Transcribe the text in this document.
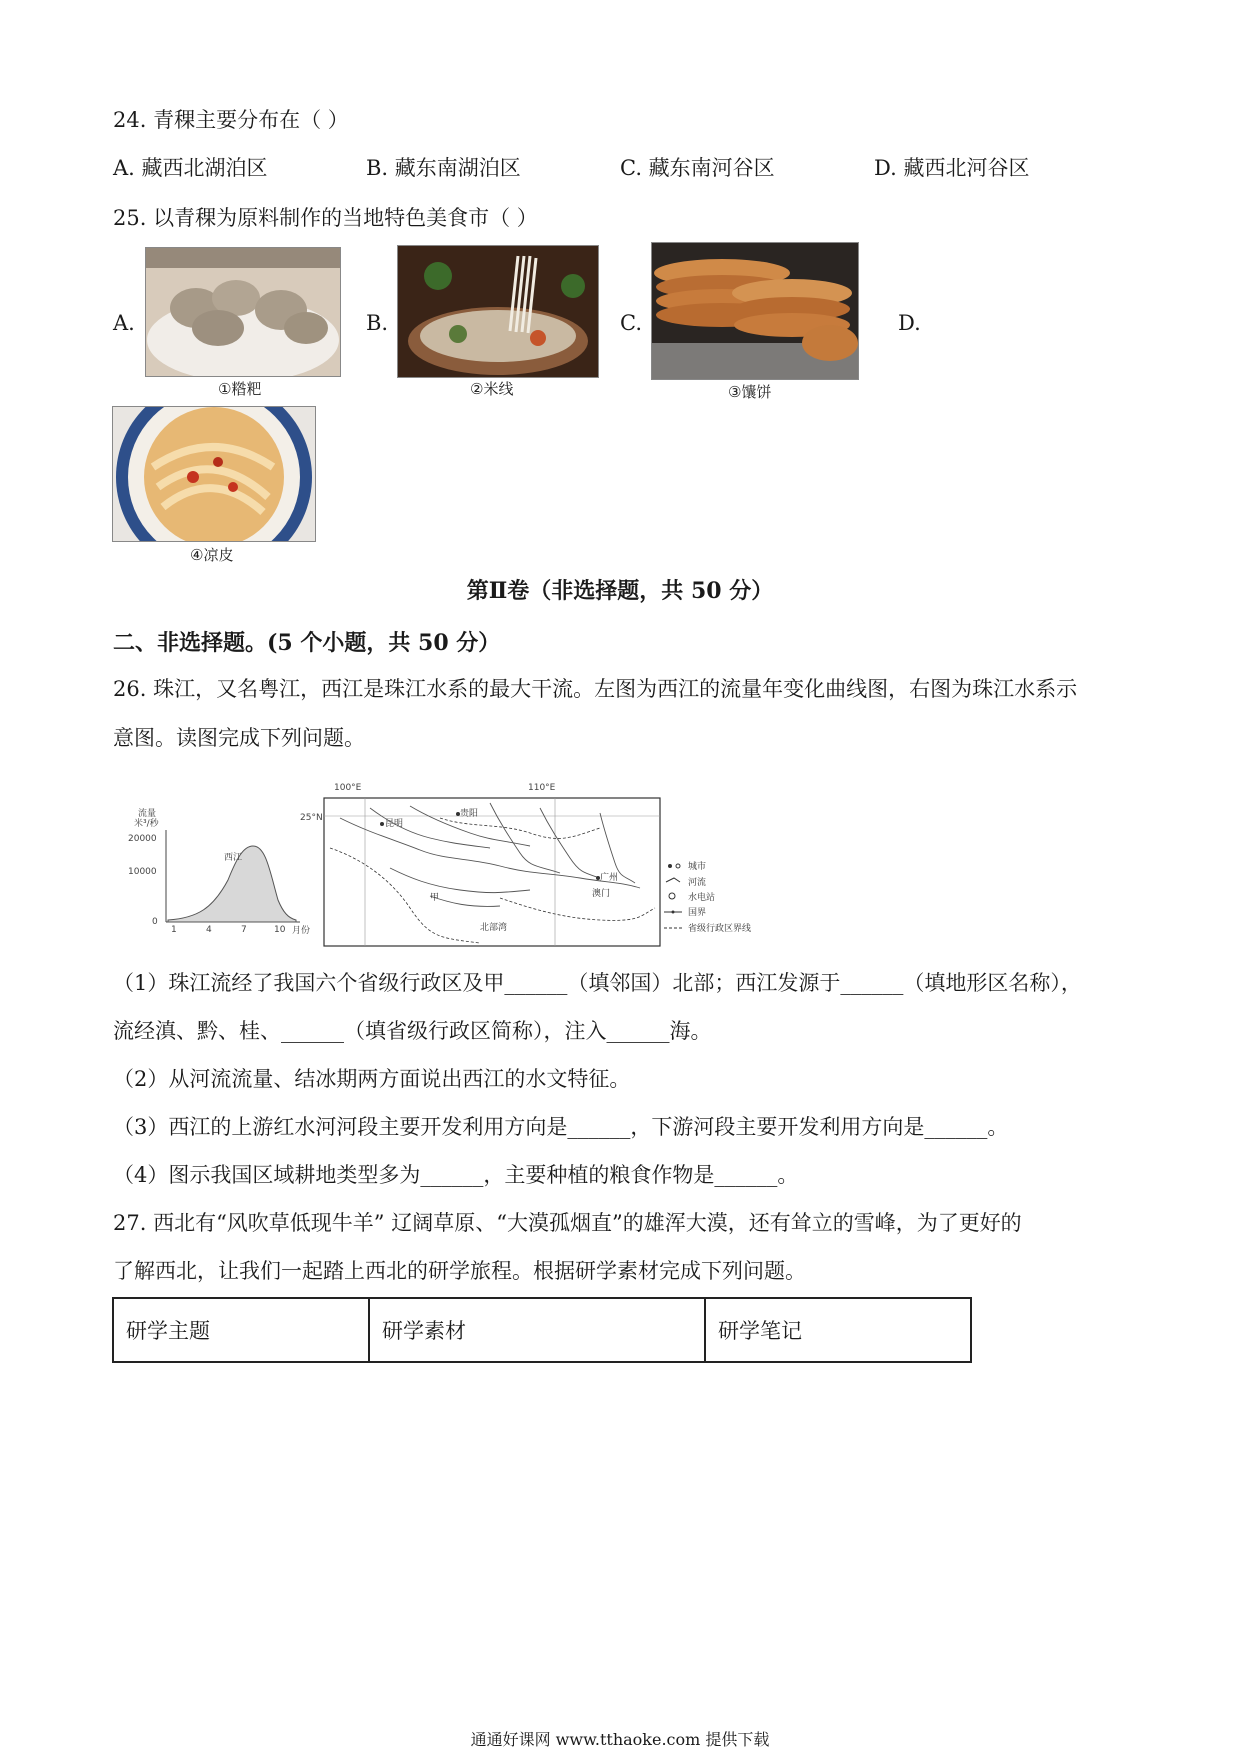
24. 青稞主要分布在（ ）
A. 藏西北湖泊区	B. 藏东南湖泊区	C. 藏东南河谷区	D. 藏西北河谷区
25. 以青稞为原料制作的当地特色美食市（ ）
A.
①糌粑
B.
②米线
C.
③馕饼
D.
④凉皮
第Ⅱ卷（非选择题，共 50 分）
二、非选择题。(5 个小题，共 50 分）
26. 珠江，又名粤江，西江是珠江水系的最大干流。左图为西江的流量年变化曲线图，右图为珠江水系示
意图。读图完成下列问题。
流量
米³/秒
20000
10000
0
西江
1	4	7	10 月份
100°E	110°E
25°N
昆明
贵阳
甲
北部湾
广州
澳门
城市
河流
水电站
国界
省级行政区界线
（1）珠江流经了我国六个省级行政区及甲______（填邻国）北部；西江发源于______（填地形区名称），
流经滇、黔、桂、______（填省级行政区简称），注入______海。
（2）从河流流量、结冰期两方面说出西江的水文特征。
（3）西江的上游红水河河段主要开发利用方向是______，下游河段主要开发利用方向是______。
（4）图示我国区域耕地类型多为______，主要种植的粮食作物是______。
27. 西北有“风吹草低现牛羊” 辽阔草原、“大漠孤烟直”的雄浑大漠，还有耸立的雪峰，为了更好的
了解西北，让我们一起踏上西北的研学旅程。根据研学素材完成下列问题。
研学主题	研学素材	研学笔记
通通好课网 www.tthaoke.com 提供下载
